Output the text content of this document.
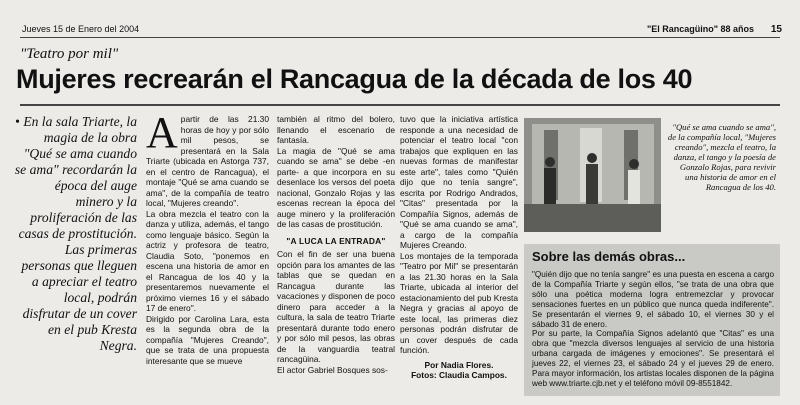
Jueves 15 de Enero del 2004	"El Rancagüino" 88 años 15
"Teatro por mil"
Mujeres recrearán el Rancagua de la década de los 40
• En la sala Triarte, la magia de la obra "Qué se ama cuando se ama" recordarán la época del auge minero y la proliferación de las casas de prostitución. Las primeras personas que lleguen a apreciar el teatro local, podrán disfrutar de un cover en el pub Kresta Negra.
A partir de las 21.30 horas de hoy y por sólo mil pesos, se presentará en la Sala Triarte (ubicada en Astorga 737, en el centro de Rancagua), el montaje "Qué se ama cuando se ama", de la compañía de teatro local, "Mujeres creando".
La obra mezcla el teatro con la danza y utiliza, además, el tango como lenguaje básico. Según la actriz y profesora de teatro, Claudia Soto, "ponemos en escena una historia de amor en el Rancagua de los 40 y la presentaremos nuevamente el próximo viernes 16 y el sábado 17 de enero".
Dirigido por Carolina Lara, esta es la segunda obra de la compañía "Mujeres Creando", que se trata de una propuesta interesante que se mueve
también al ritmo del bolero, llenando el escenario de fantasía.
La magia de "Qué se ama cuando se ama" se debe -en parte- a que incorpora en su desenlace los versos del poeta nacional, Gonzalo Rojas y las escenas recrean la época del auge minero y la proliferación de las casas de prostitución.
"A LUCA LA ENTRADA"
Con el fin de ser una buena opción para los amantes de las tablas que se quedan en Rancagua durante las vacaciones y disponen de poco dinero para acceder a la cultura, la sala de teatro Triarte presentará durante todo enero y por sólo mil pesos, las obras de la vanguardia teatral rancagüina.
El actor Gabriel Bosques sos-
tuvo que la iniciativa artística responde a una necesidad de potenciar el teatro local "con trabajos que expliquen en las nuevas formas de manifestar este arte", tales como "Quién dijo que no tenía sangre", escrita por Rodrigo Andrados, "Citas" presentada por la Compañía Signos, además de "Qué se ama cuando se ama", a cargo de la compañía Mujeres Creando.
Los montajes de la temporada "Teatro por Mil" se presentarán a las 21.30 horas en la Sala Triarte, ubicada al interior del estacionamiento del pub Kresta Negra y gracias al apoyo de este local, las primeras diez personas podrán disfrutar de un cover después de cada función.
Por Nadia Flores.
Fotos: Claudia Campos.
"Qué se ama cuando se ama", de la compañía local, "Mujeres creando", mezcla el teatro, la danza, el tango y la poesía de Gonzalo Rojas, para revivir una historia de amor en el Rancagua de los 40.
Sobre las demás obras...
"Quién dijo que no tenía sangre" es una puesta en escena a cargo de la Compañía Triarte y según ellos, "se trata de una obra que sólo una poética moderna logra entremezclar y provocar sensaciones fuertes en un público que nunca queda indiferente". Se presentarán el viernes 9, el sábado 10, el viernes 30 y el sábado 31 de enero.
Por su parte, la Compañía Signos adelantó que "Citas" es una obra que "mezcla diversos lenguajes al servicio de una historia urbana cargada de imágenes y emociones". Se presentará el jueves 22, el viernes 23, el sábado 24 y el jueves 29 de enero. Para mayor información, los artistas locales disponen de la página web www.triarte.cjb.net y el teléfono móvil 09-8551842.
